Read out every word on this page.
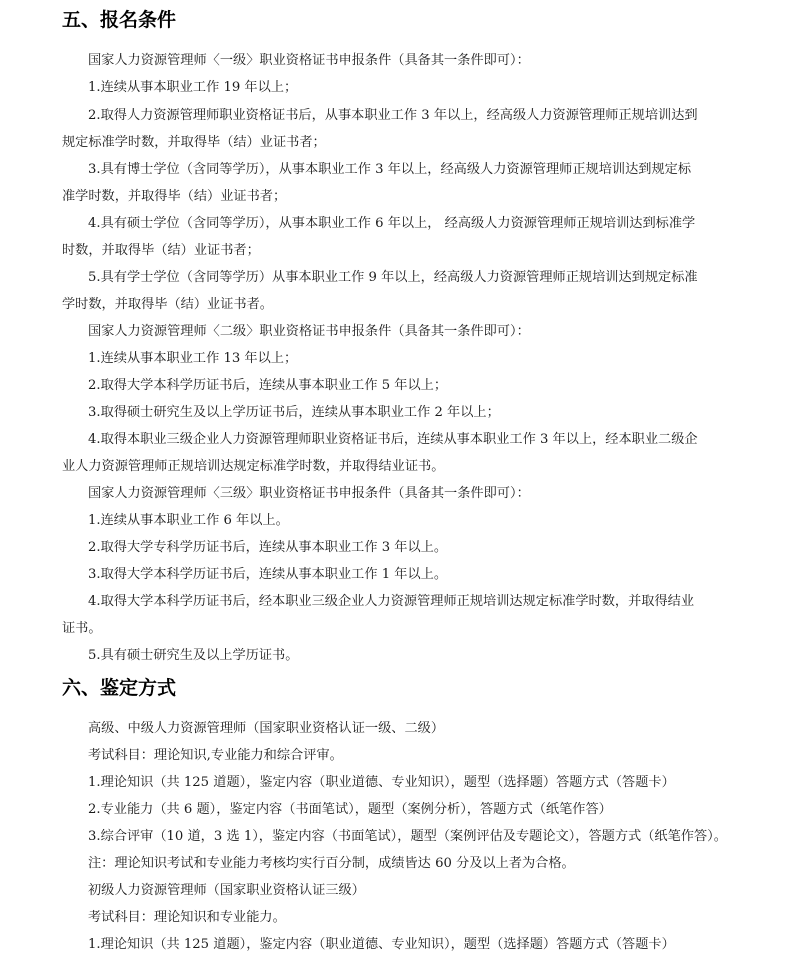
五、报名条件

国家人力资源管理师〈一级〉职业资格证书申报条件（具备其一条件即可）：

1.连续从事本职业工作 19 年以上；

2.取得人力资源管理师职业资格证书后，从事本职业工作 3 年以上，经高级人力资源管理师正规培训达到

规定标准学时数，并取得毕（结）业证书者；

3.具有博士学位（含同等学历），从事本职业工作 3 年以上，经高级人力资源管理师正规培训达到规定标

准学时数，并取得毕（结）业证书者；

4.具有硕士学位（含同等学历），从事本职业工作 6 年以上， 经高级人力资源管理师正规培训达到标准学

时数，并取得毕（结）业证书者；

5.具有学士学位（含同等学历）从事本职业工作 9 年以上，经高级人力资源管理师正规培训达到规定标准

学时数，并取得毕（结）业证书者。

国家人力资源管理师〈二级〉职业资格证书申报条件（具备其一条件即可）：

1.连续从事本职业工作 13 年以上；

2.取得大学本科学历证书后，连续从事本职业工作 5 年以上；

3.取得硕士研究生及以上学历证书后，连续从事本职业工作 2 年以上；

4.取得本职业三级企业人力资源管理师职业资格证书后，连续从事本职业工作 3 年以上，经本职业二级企

业人力资源管理师正规培训达规定标准学时数，并取得结业证书。

国家人力资源管理师〈三级〉职业资格证书申报条件（具备其一条件即可）：

1.连续从事本职业工作 6 年以上。

2.取得大学专科学历证书后，连续从事本职业工作 3 年以上。

3.取得大学本科学历证书后，连续从事本职业工作 1 年以上。

4.取得大学本科学历证书后，经本职业三级企业人力资源管理师正规培训达规定标准学时数，并取得结业

证书。

5.具有硕士研究生及以上学历证书。

六、鉴定方式

高级、中级人力资源管理师（国家职业资格认证一级、二级）

考试科目：理论知识,专业能力和综合评审。

1.理论知识（共 125 道题），鉴定内容（职业道德、专业知识），题型（选择题）答题方式（答题卡）

2.专业能力（共 6 题），鉴定内容（书面笔试），题型（案例分析），答题方式（纸笔作答）

3.综合评审（10 道，3 选 1），鉴定内容（书面笔试），题型（案例评估及专题论文），答题方式（纸笔作答）。

注：理论知识考试和专业能力考核均实行百分制，成绩皆达 60 分及以上者为合格。

初级人力资源管理师（国家职业资格认证三级）

考试科目：理论知识和专业能力。

1.理论知识（共 125 道题），鉴定内容（职业道德、专业知识），题型（选择题）答题方式（答题卡）
